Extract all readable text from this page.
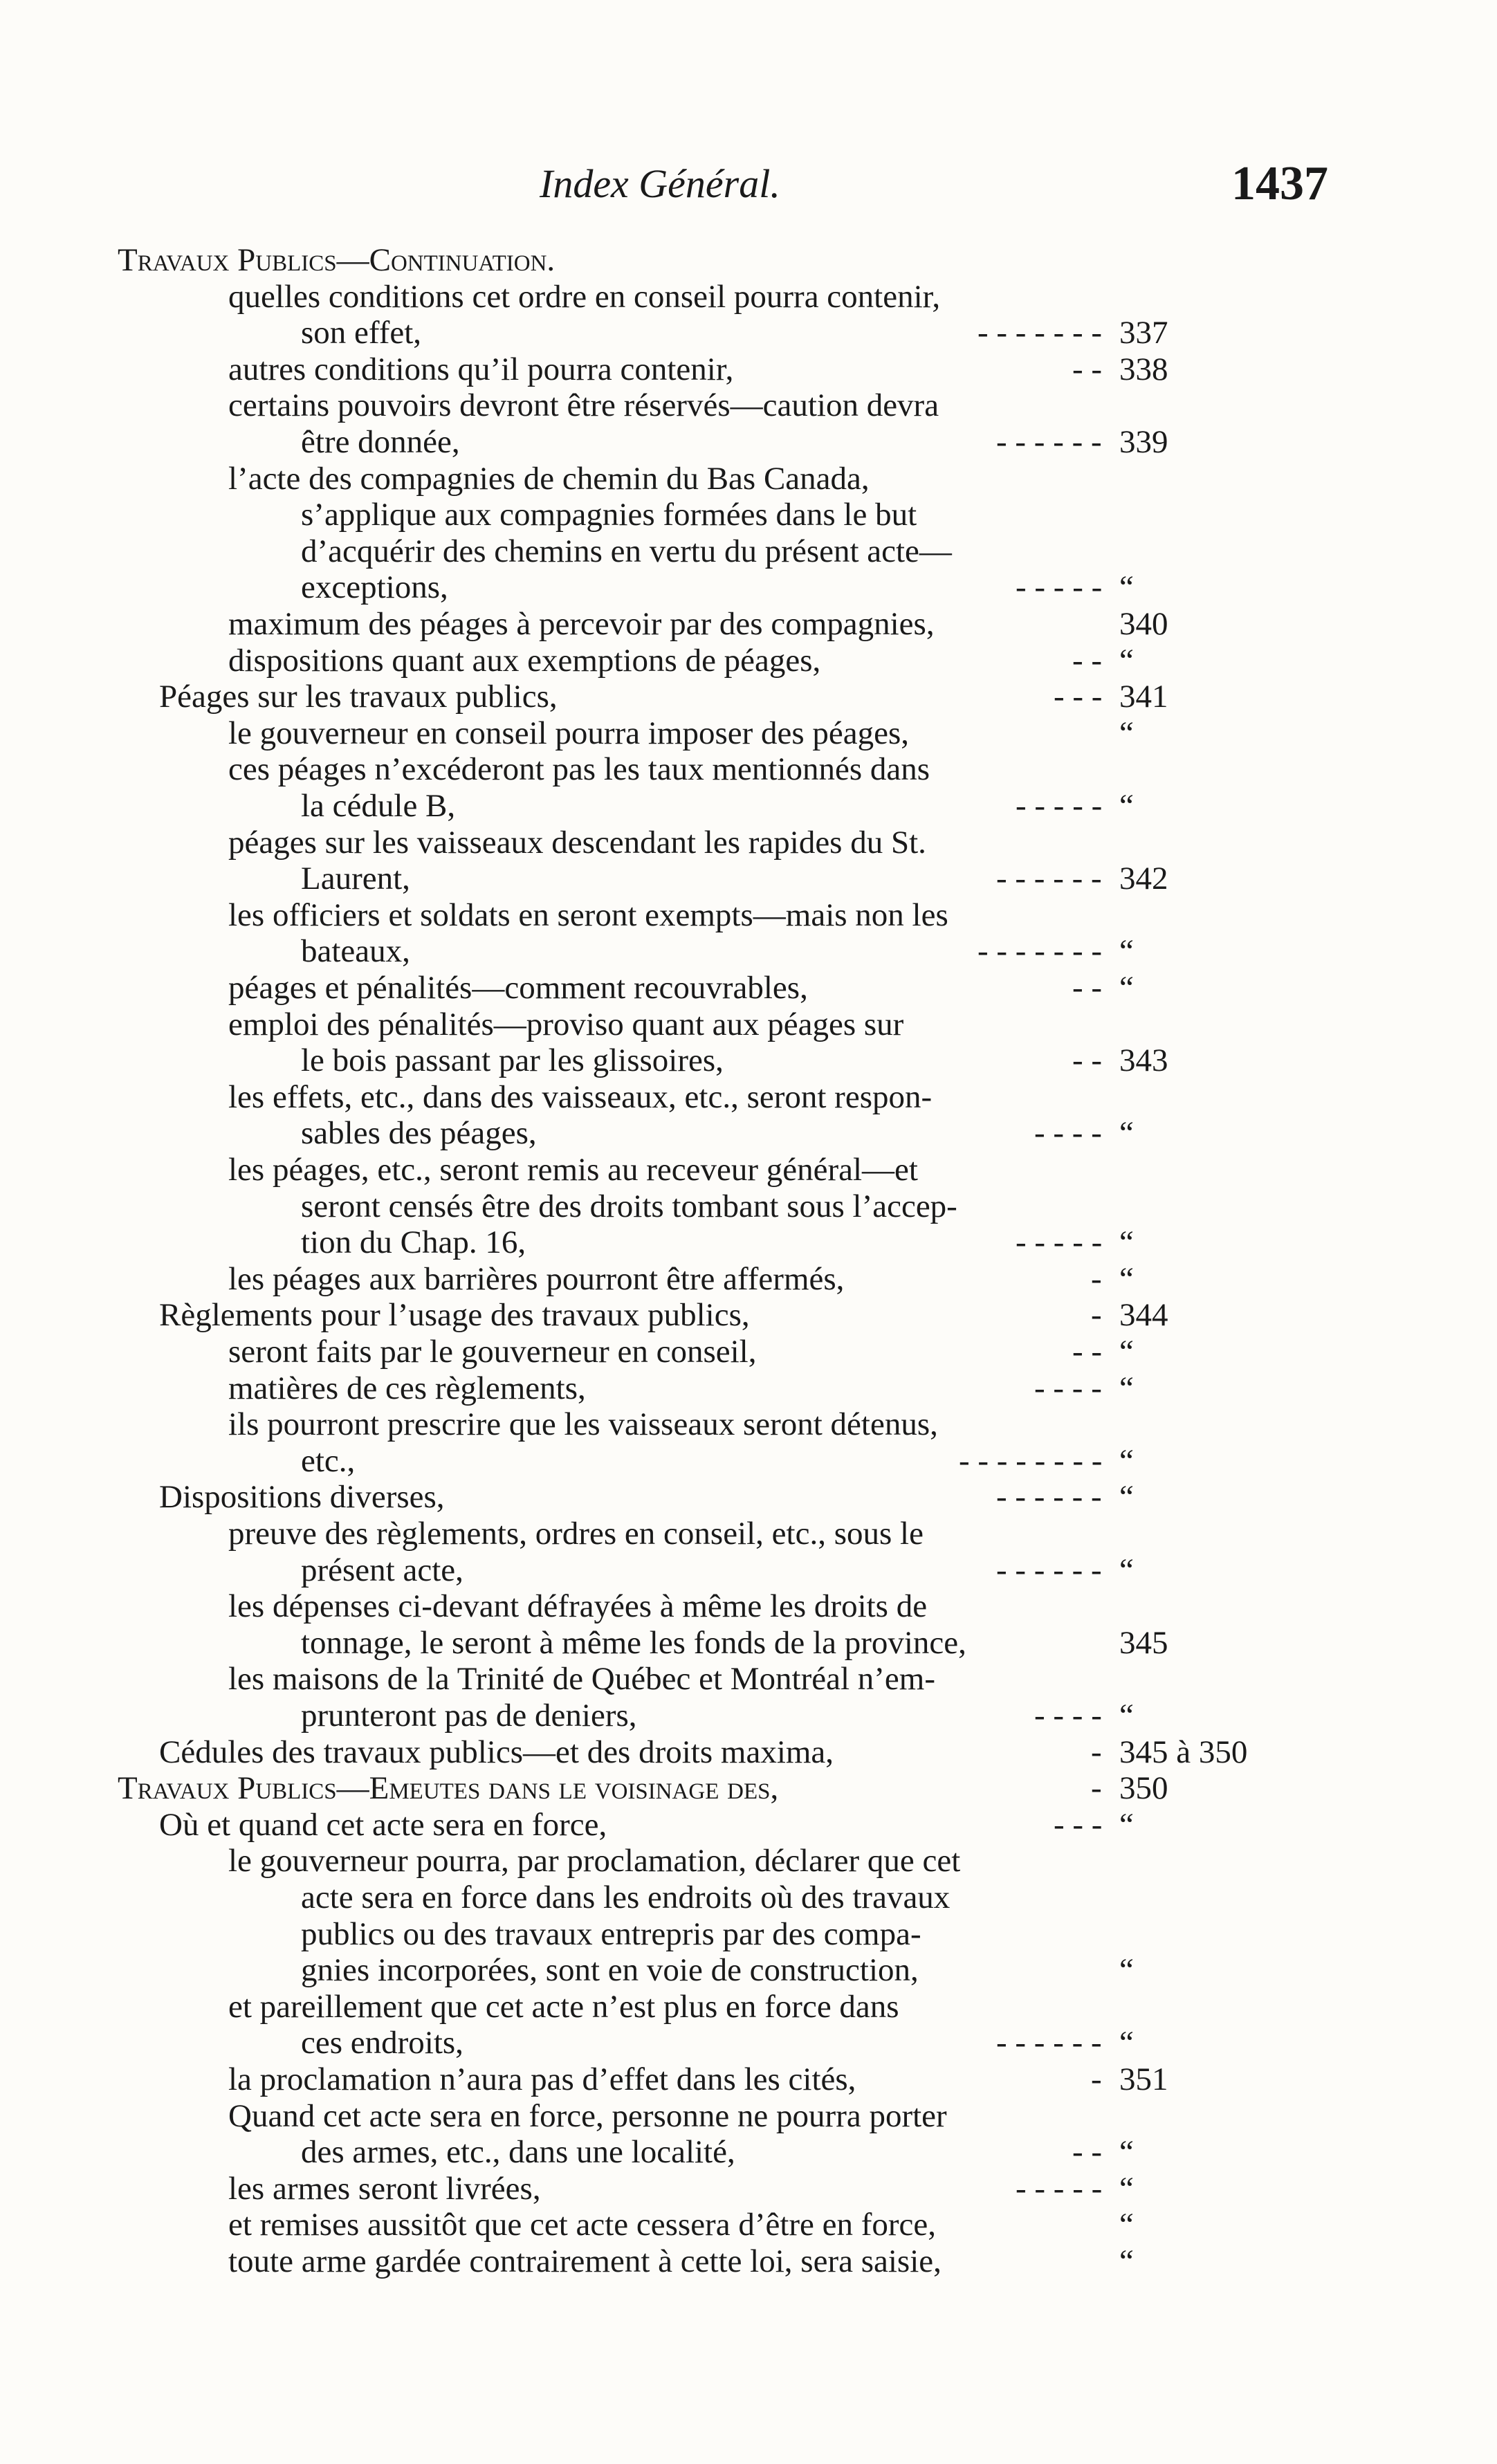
Index Général.	1437
Travaux Publics—Continuation.
quelles conditions cet ordre en conseil pourra contenir,
son effet,	- - - - - - - 337
autres conditions qu’il pourra contenir,	- - 338
certains pouvoirs devront être réservés—caution devra
être donnée,	- - - - - - 339
l’acte des compagnies de chemin du Bas Canada,
s’applique aux compagnies formées dans le but
d’acquérir des chemins en vertu du présent acte—
exceptions,	- - - - - “
maximum des péages à percevoir par des compagnies,	340
dispositions quant aux exemptions de péages,	- - “
Péages sur les travaux publics,	- - - 341
le gouverneur en conseil pourra imposer des péages,	“
ces péages n’excéderont pas les taux mentionnés dans
la cédule B,	- - - - - “
péages sur les vaisseaux descendant les rapides du St.
Laurent,	- - - - - - 342
les officiers et soldats en seront exempts—mais non les
bateaux,	- - - - - - - “
péages et pénalités—comment recouvrables,	- - “
emploi des pénalités—proviso quant aux péages sur
le bois passant par les glissoires,	- - 343
les effets, etc., dans des vaisseaux, etc., seront respon-
sables des péages,	- - - - “
les péages, etc., seront remis au receveur général—et
seront censés être des droits tombant sous l’accep-
tion du Chap. 16,	- - - - - “
les péages aux barrières pourront être affermés,	- “
Règlements pour l’usage des travaux publics,	- 344
seront faits par le gouverneur en conseil,	- - “
matières de ces règlements,	- - - - “
ils pourront prescrire que les vaisseaux seront détenus,
etc.,	- - - - - - - - “
Dispositions diverses,	- - - - - - “
preuve des règlements, ordres en conseil, etc., sous le
présent acte,	- - - - - - “
les dépenses ci-devant défrayées à même les droits de
tonnage, le seront à même les fonds de la province,	345
les maisons de la Trinité de Québec et Montréal n’em-
prunteront pas de deniers,	- - - - “
Cédules des travaux publics—et des droits maxima,	- 345 à 350
Travaux Publics—Emeutes dans le voisinage des,	- 350
Où et quand cet acte sera en force,	- - - “
le gouverneur pourra, par proclamation, déclarer que cet
acte sera en force dans les endroits où des travaux
publics ou des travaux entrepris par des compa-
gnies incorporées, sont en voie de construction,	“
et pareillement que cet acte n’est plus en force dans
ces endroits,	- - - - - - “
la proclamation n’aura pas d’effet dans les cités,	- 351
Quand cet acte sera en force, personne ne pourra porter
des armes, etc., dans une localité,	- - “
les armes seront livrées,	- - - - - “
et remises aussitôt que cet acte cessera d’être en force,	“
toute arme gardée contrairement à cette loi, sera saisie,	“
